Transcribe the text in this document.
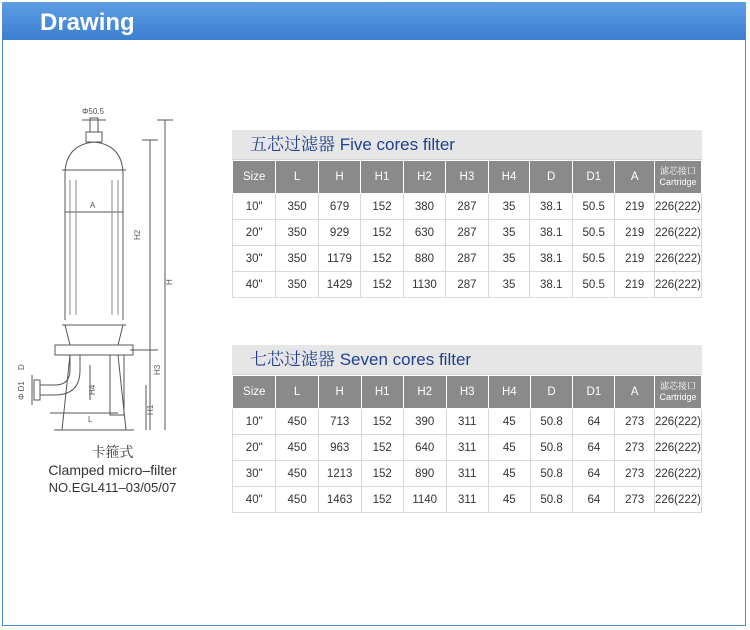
Drawing
Φ50.5
A
H2
H
H3
H1
H4
L
Φ D1
D
卡箍式
Clamped micro–filter
NO.EGL411–03/05/07
五芯过滤器 Five cores filter
Size	L	H	H1	H2	H3	H4	D	D1	A	滤芯接口
Cartridge

10"	350	679	152	380	287	35	38.1	50.5	219	226(222)
20"	350	929	152	630	287	35	38.1	50.5	219	226(222)
30"	350	1179	152	880	287	35	38.1	50.5	219	226(222)
40"	350	1429	152	1130	287	35	38.1	50.5	219	226(222)
七芯过滤器 Seven cores filter
Size	L	H	H1	H2	H3	H4	D	D1	A	滤芯接口
Cartridge

10"	450	713	152	390	311	45	50.8	64	273	226(222)
20"	450	963	152	640	311	45	50.8	64	273	226(222)
30"	450	1213	152	890	311	45	50.8	64	273	226(222)
40"	450	1463	152	1140	311	45	50.8	64	273	226(222)
